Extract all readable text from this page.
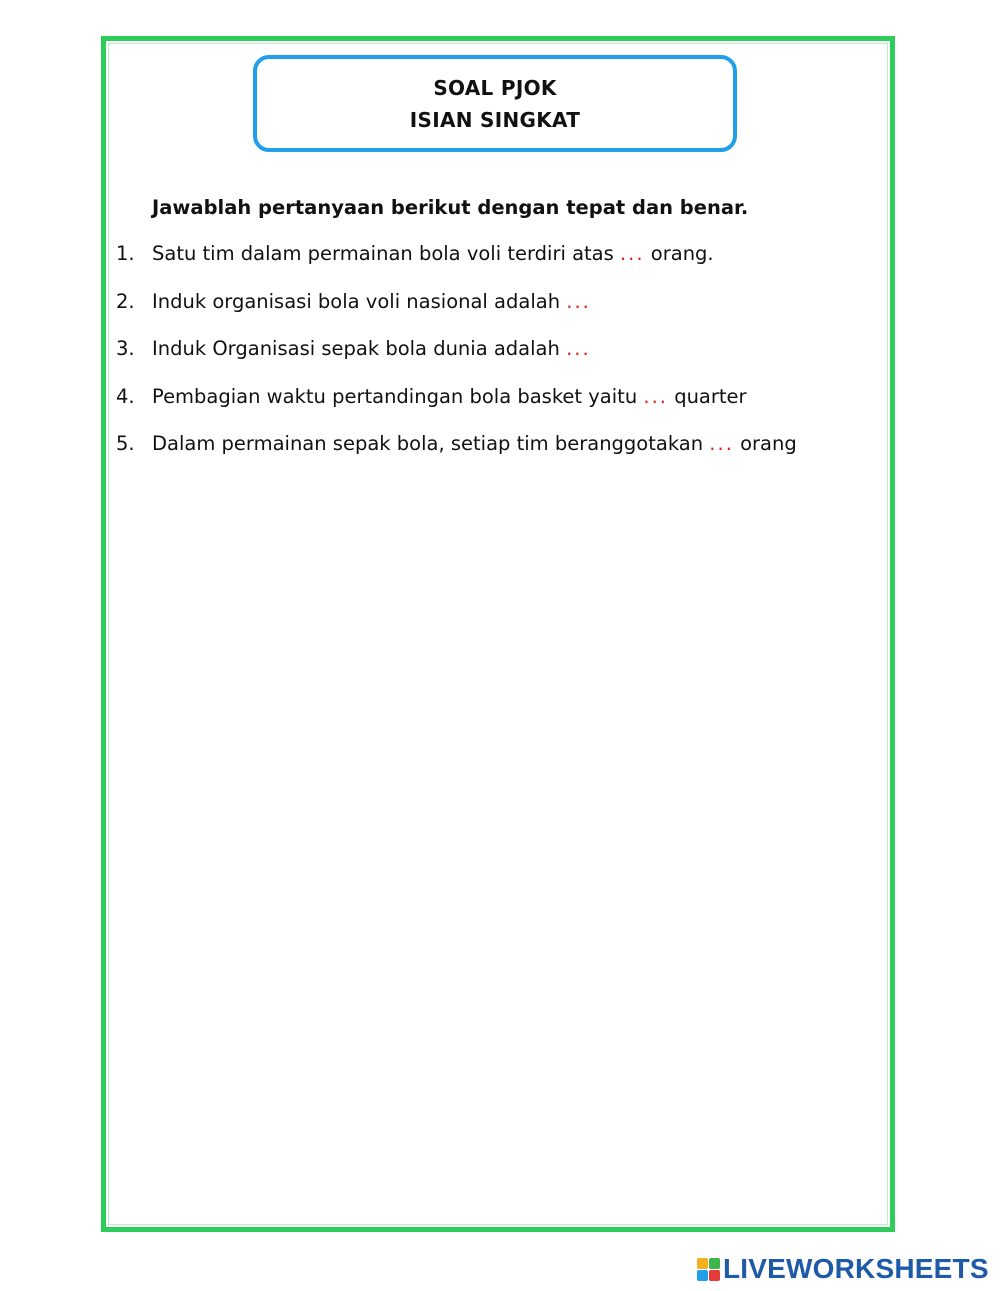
SOAL PJOK
ISIAN SINGKAT
Jawablah pertanyaan berikut dengan tepat dan benar.
1. Satu tim dalam permainan bola voli terdiri atas ... orang.
2. Induk organisasi bola voli nasional adalah ...
3. Induk Organisasi sepak bola dunia adalah ...
4. Pembagian waktu pertandingan bola basket yaitu ... quarter
5. Dalam permainan sepak bola, setiap tim beranggotakan ... orang
LIVEWORKSHEETS
